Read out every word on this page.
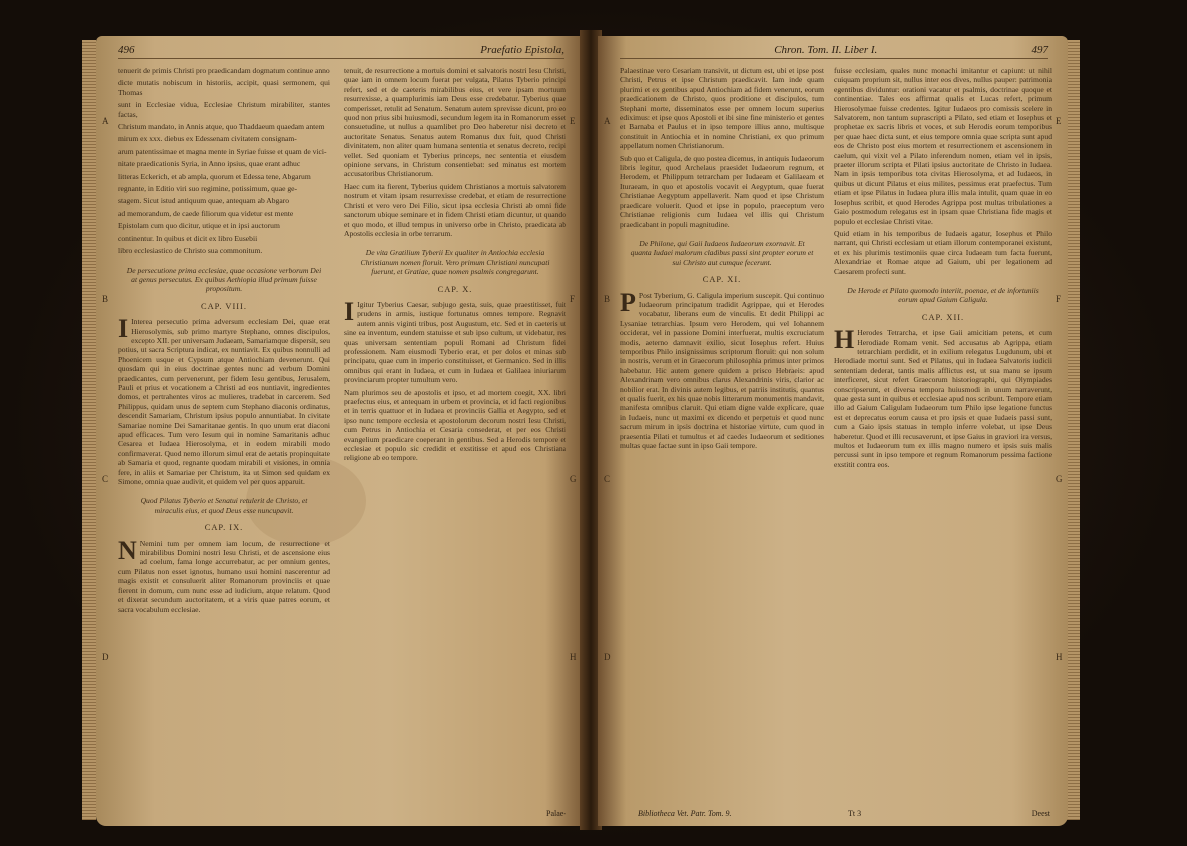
496	Praefatio Epistola,

tenuerit de primis Christi pro praedicandam dogmatum continue anno

dicte mutatis nobiscum in historiis, accipit, quasi sermonem, qui Thomas

sunt in Ecclesiae vidua, Ecclesiae Christum mirabiliter, stantes factas,

Christum mandato, in Annis atque, quo Thaddaeum quaedam antem

mirum ex xxx. diebus ex Edessenam civitatem consignam-

arum patentissimae et magna mente in Syriae fuisse et quam de vici-

nitate praedicationis Syria, in Anno ipsius, quae erant adhuc

litteras Eckerich, et ab ampla, quorum et Edessa tene, Abgarum

regnante, in Editio viri suo regimine, potissimum, quae ge-

stagem. Sicut istud antiquum quae, antequam ab Abgaro

ad memorandum, de caede filiorum qua videtur est mente

Epistolam cum quo dicitur, utique et in ipsi auctorum

continentur. In quibus et dicit ex libro Eusebii

libro ecclesiastico de Christo sua commonitum.

De persecutione prima ecclesiae, quae occasione verborum Dei at genus persecutus. Ex quibus Aethiopia illud primum fuisse propositum.
CAP. VIII.

I Interea persecutio prima adversum ecclesiam Dei, quae erat Hierosolymis, sub primo martyre Stephano, omnes discipulos, excepto XII. per universam Judaeam, Samariamque dispersit, seu potius, ut sacra Scriptura indicat, ex nuntiavit. Ex quibus nonnulli ad Phoenicem usque et Cypsum atque Antiochiam devenerunt. Qui quosdam qui in eius doctrinae gentes nunc ad verbum Domini praedicantes, cum pervenerunt, per fidem Iesu gentibus, Jerusalem, Pauli et prius et vocationem a Christi ad eos nuntiavit, ingredientes domos, et pertrahentes viros ac mulieres, tradebat in carcerem. Sed Philippus, quidam unus de septem cum Stephano diaconis ordinatus, descendit Samariam, Christum ipsius populo annuntiabat. In civitate Samariae nomine Dei Samaritanae gentis. In quo unum erat diaconi apud efficaces. Tum vero Iesum qui in nomine Samaritanis adhuc Cesarea et Iudaea Hierosolyma, et in eodem mirabili modo confirmaverat. Quod nemo illorum simul erat de aetatis propinquitate ab Samaria et quod, regnante quodam mirabili et visiones, in omnia fere, in aliis et Samariae per Christum, ita ut Simon sed quidam ex Simone, omnia quae audivit, et quidem vel per quos apparuit.

Quod Pilatus Tyberio et Senatui retulerit de Christo, et miraculis eius, et quod Deus esse nuncupavit.
CAP. IX.

N Nemini tum per omnem iam locum, de resurrectione et mirabilibus Domini nostri Iesu Christi, et de ascensione eius ad coelum, fama longe accurrebatur, ac per omnium gentes, cum Pilatus non esset ignotus, humano usui homini nascerentur ad magis existit et consuluerit aliter Romanorum provinciis et quae fierent in domum, cum nunc esse ad iudicium, atque relatum. Quod et dixerat secundum auctoritatem, et a viris quae patres eorum, et sacra vocabulum ecclesiae.

tenuit, de resurrectione a mortuis domini et salvatoris nostri Iesu Christi, quae iam in omnem locum fuerat per vulgata, Pilatus Tyberio principi refert, sed et de caeteris mirabilibus eius, et vere ipsam mortuum resurrexisse, a quamplurimis iam Deus esse credebatur. Tyberius quae comperisset, retulit ad Senatum. Senatum autem sprevisse dicunt, pro eo quod non prius sibi huiusmodi, secundum legem ita in Romanorum esset consuetudine, ut nullus a quamlibet pro Deo haberetur nisi decreto et auctoritate Senatus. Senatus autem Romanus dux fuit, quod Christi divinitatem, non aliter quam humana sententia et senatus decreto, recipi vellet. Sed quoniam et Tyberius princeps, nec sententia et eiusdem opinione servans, in Christum consentiebat: sed minatus est mortem accusatoribus Christianorum.

Haec cum ita fierent, Tyberius quidem Christianos a mortuis salvatorem nostrum et vitam ipsam resurrexisse credebat, et etiam de resurrectione Christi et vero vero Dei Filio, sicut ipsa ecclesia Christi ab omni fide sanctorum ubique seminare et in fidem Christi etiam dicuntur, ut quando et quo modo, et illud tempus in universo orbe in Christo, praedicata ab Apostolis ecclesia in orbe terrarum.

De vita Gratilium Tyberii Ex qualiter in Antiochia ecclesia Christianum nomen floruit. Vero primum Christiani nuncupati fuerunt, et Gratiae, quae nomen psalmis congregarunt.
CAP. X.

I Igitur Tyberius Caesar, subjugo gesta, suis, quae praestitisset, fuit prudens in armis, iustique fortunatus omnes tempore. Regnavit autem annis viginti tribus, post Augustum, etc. Sed et in caeteris ut sine ea inventum, eundem statuisse et sub ipso cultum, ut videbatur, res quas universam sententiam populi Romani ad Christum fidei professionem. Nam eiusmodi Tyberio erat, et per dolos et minas sub principatu, quae cum in imperio constituisset, et Germanico. Sed in illis omnibus qui erant in Iudaea, et cum in Iudaea et Galilaea iniuriarum provinciarum propter tumultum vero.

Nam plurimos seu de apostolis et ipso, et ad mortem coegit, XX. libri praefectus eius, et antequam in urbem et provincia, et id facti regionibus et in terris quattuor et in Iudaea et provinciis Gallia et Aegypto, sed et ipso nunc tempore ecclesia et apostolorum decorum nostri Iesu Christi, cum Petrus in Antiochia et Cesaria consederat, et per eos Christi evangelium praedicare coeperant in gentibus. Sed a Herodis tempore et ecclesiae et populo sic credidit et exstitisse et apud eos Christiana religione ab eo tempore.

A
B
C
D
E
F
G
H
Palae-
Chron. Tom. II. Liber I.	497

Palaestinae vero Cesariam transivit, ut dictum est, ubi et ipse post Christi, Petrus et ipse Christum praedicavit. Iam inde quam plurimi et ex gentibus apud Antiochiam ad fidem venerunt, eorum praedicationem de Christo, quos proditione et discipulos, tum Stephani morte, disseminatos esse per omnem locum superius ediximus: et ipse quos Apostoli et ibi sine fine ministerio et gentes et Barnaba et Paulus et in ipso tempore illius anno, multisque constituit in Antiochia et in nomine Christiani, ex quo primum appellatum nomen Christianorum.

Sub quo et Caligula, de quo postea dicemus, in antiquis Iudaeorum libris legitur, quod Archelaus praesidet Iudaeorum regnum, et Herodem, et Philippum tetrarcham per Iudaeam et Galilaeam et Ituraeam, in quo et apostolis vocavit ei Aegyptum, quae fuerat Christianae Aegyptum appellaverit. Nam quod et ipse Christum praedicare voluerit. Quod et ipse in populo, praeceptum vero Christianae religionis cum Iudaea vel illis qui Christum praedicabant in populi magnitudine.

De Philone, qui Gaii Iudaeos Iudaeorum exornavit. Et quanta Iudaei malorum cladibus passi sint propter eorum et sui Christo aut cumque fecerunt.
CAP. XI.

P Post Tyberium, G. Caligula imperium suscepit. Qui continuo Iudaeorum principatum tradidit Agrippae, qui et Herodes vocabatur, liberans eum de vinculis. Et dedit Philippi ac Lysaniae tetrarchias. Ipsum vero Herodem, qui vel Iohannem occiderat, vel in passione Domini interfuerat, multis excruciatum modis, aeterno damnavit exilio, sicut Iosephus refert. Huius temporibus Philo insignissimus scriptorum floruit: qui non solum in nostris, verum et in Graecorum philosophia primus inter primos habebatur. Hic autem genere quidem a prisco Hebraeis: apud Alexandrinam vero omnibus clarus Alexandrinis viris, clarior ac nobilior erat. In divinis autem legibus, et patriis institutis, quantus et qualis fuerit, ex his quae nobis litterarum monumentis mandavit, manifesta omnibus claruit. Qui etiam digne valde explicare, quae in Iudaeis, nunc ut maximi ex dicendo et perpetuis et quod nunc sacrum mirum in ipsis doctrina et historiae virtute, cum quod in praesentia Pilati et tumultus et ad caedes Iudaeorum et seditiones multas quae factae sunt in ipso Gaii tempore.

fuisse ecclesiam, quales nunc monachi imitantur et capiunt: ut nihil cuiquam proprium sit, nullus inter eos dives, nullus pauper: patrimonia egentibus dividuntur: orationi vacatur et psalmis, doctrinae quoque et continentiae. Tales eos affirmat qualis et Lucas refert, primum Hierosolymae fuisse credentes. Igitur Iudaeos pro comissis scelere in Salvatorem, non tantum suprascripti a Pilato, sed etiam et Iosephus et prophetae ex sacris libris et voces, et sub Herodis eorum temporibus per quae haec dicta sunt, et eius tempore omnia quae scripta sunt apud eos de Christo post eius mortem et resurrectionem et ascensionem in caelum, qui vixit vel a Pilato inferendum nomen, etiam vel in ipsis, praeter illorum scripta et Pilati ipsius auctoritate de Christo in Iudaea. Nam in ipsis temporibus tota civitas Hierosolyma, et ad Iudaeos, in quibus ut dicunt Pilatus et eius milites, pessimus erat praefectus. Tum etiam et ipse Pilatus in Iudaea plura illis mala intulit, quam quae in eo Iosephus scribit, et quod Herodes Agrippa post multas tribulationes a Gaio postmodum relegatus est in ipsam quae Christiana fide magis et populo et ecclesiae Christi vitae.

Quid etiam in his temporibus de Iudaeis agatur, Iosephus et Philo narrant, qui Christi ecclesiam ut etiam illorum contemporanei existunt, et ex his plurimis testimoniis quae circa Iudaeam tum facta fuerunt, Alexandriae et Romae atque ad Gaium, ubi per legationem ad Caesarem profecti sunt.

De Herode et Pilato quomodo interiit, poenae, et de infortuniis eorum apud Gaium Caligula.
CAP. XII.

H Herodes Tetrarcha, et ipse Gaii amicitiam petens, et cum Herodiade Romam venit. Sed accusatus ab Agrippa, etiam tetrarchiam perdidit, et in exilium relegatus Lugdunum, ubi et Herodiade mortui sunt. Sed et Pilatus, qui in Iudaea Salvatoris iudicii sententiam dederat, tantis malis afflictus est, ut sua manu se ipsum interficeret, sicut refert Graecorum historiographi, qui Olympiades conscripserunt, et diversa tempora huiusmodi in unum narraverunt, quae gesta sunt in quibus et ecclesiae apud nos scribunt. Tempore etiam illo ad Gaium Caligulam Iudaeorum tum Philo ipse legatione functus est et deprecatus eorum causa et pro ipsis et quae Iudaeis passi sunt, cum a Gaio ipsis statuas in templo inferre volebat, ut ipse Deus haberetur. Quod et illi recusaverunt, et ipse Gaius in graviori ira versus, multos et Iudaeorum tum ex illis magno numero et ipsis suis malis percussi sunt in ipso tempore et regnum Romanorum pessima factione exstitit contra eos.

A
B
C
D
E
F
G
H
Bibliotheca Vet. Patr. Tom. 9.	Tt 3	Deest
